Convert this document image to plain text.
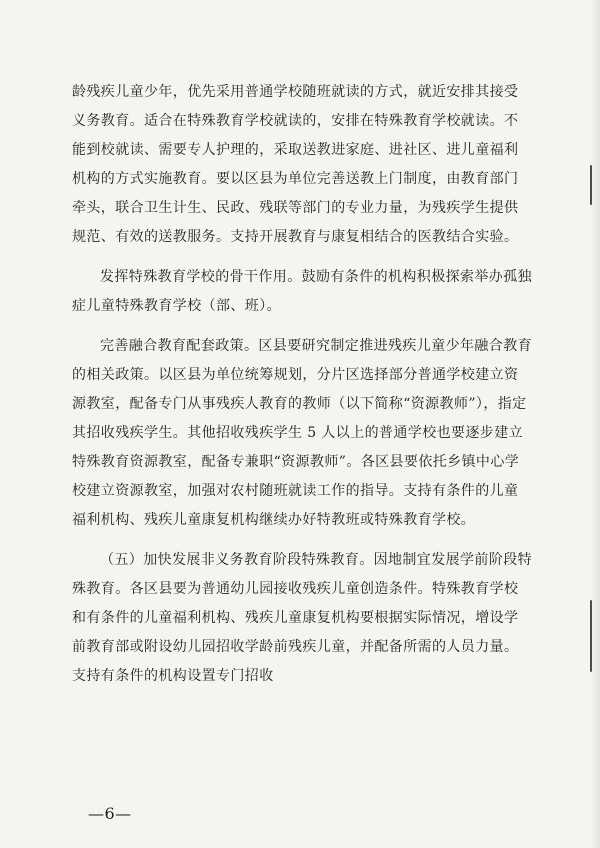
龄残疾儿童少年，优先采用普通学校随班就读的方式，就近安排其接受义务教育。适合在特殊教育学校就读的，安排在特殊教育学校就读。不能到校就读、需要专人护理的，采取送教进家庭、进社区、进儿童福利机构的方式实施教育。要以区县为单位完善送教上门制度，由教育部门牵头，联合卫生计生、民政、残联等部门的专业力量，为残疾学生提供规范、有效的送教服务。支持开展教育与康复相结合的医教结合实验。

发挥特殊教育学校的骨干作用。鼓励有条件的机构积极探索举办孤独症儿童特殊教育学校（部、班）。

完善融合教育配套政策。区县要研究制定推进残疾儿童少年融合教育的相关政策。以区县为单位统筹规划，分片区选择部分普通学校建立资源教室，配备专门从事残疾人教育的教师（以下简称“资源教师”），指定其招收残疾学生。其他招收残疾学生 5 人以上的普通学校也要逐步建立特殊教育资源教室，配备专兼职“资源教师”。各区县要依托乡镇中心学校建立资源教室，加强对农村随班就读工作的指导。支持有条件的儿童福利机构、残疾儿童康复机构继续办好特教班或特殊教育学校。

（五）加快发展非义务教育阶段特殊教育。因地制宜发展学前阶段特殊教育。各区县要为普通幼儿园接收残疾儿童创造条件。特殊教育学校和有条件的儿童福利机构、残疾儿童康复机构要根据实际情况，增设学前教育部或附设幼儿园招收学龄前残疾儿童，并配备所需的人员力量。支持有条件的机构设置专门招收

—6—
